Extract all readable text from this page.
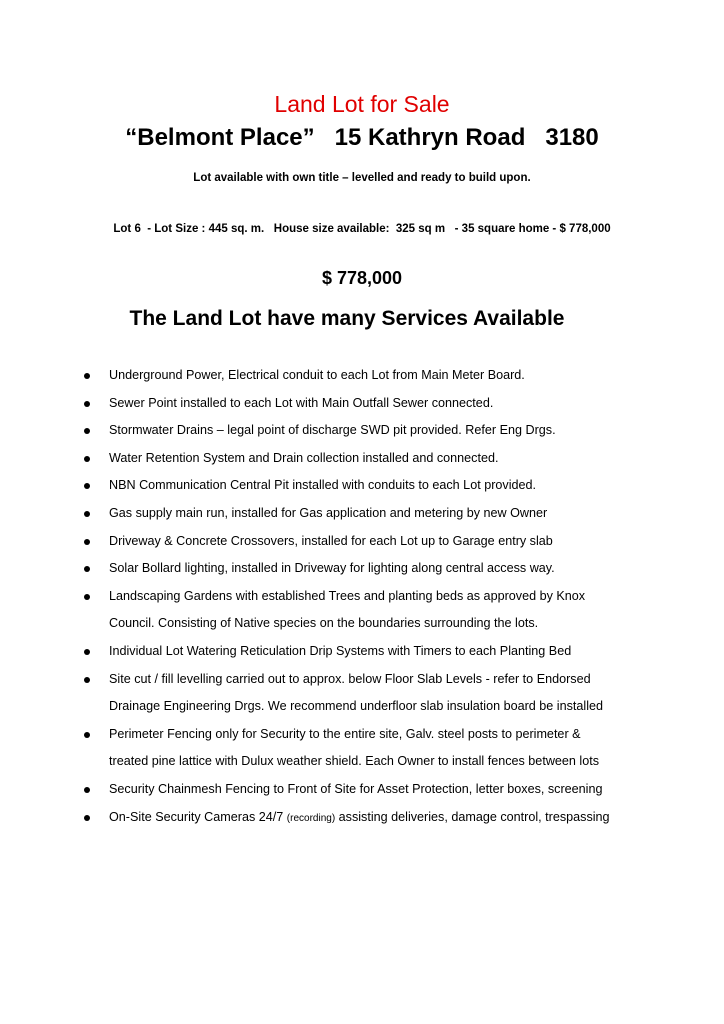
Land Lot for Sale
“Belmont Place”   15 Kathryn Road   3180
Lot available with own title – levelled and ready to build upon.
Lot 6  - Lot Size : 445 sq. m.   House size available:  325 sq m   - 35 square home - $ 778,000
$ 778,000
The Land Lot have many Services Available
Underground Power, Electrical conduit to each Lot from Main Meter Board.
Sewer Point installed to each Lot with Main Outfall Sewer connected.
Stormwater Drains – legal point of discharge SWD pit provided. Refer Eng Drgs.
Water Retention System and Drain collection installed and connected.
NBN Communication Central Pit installed with conduits to each Lot provided.
Gas supply main run, installed for Gas application and metering by new Owner
Driveway & Concrete Crossovers, installed for each Lot up to Garage entry slab
Solar Bollard lighting, installed in Driveway for lighting along central access way.
Landscaping Gardens with established Trees and planting beds as approved by Knox
Council. Consisting of Native species on the boundaries surrounding the lots.
Individual Lot Watering Reticulation Drip Systems with Timers to each Planting Bed
Site cut / fill levelling carried out to approx. below Floor Slab Levels - refer to Endorsed
Drainage Engineering Drgs. We recommend underfloor slab insulation board be installed
Perimeter Fencing only for Security to the entire site, Galv. steel posts to perimeter &
treated pine lattice with Dulux weather shield. Each Owner to install fences between lots
Security Chainmesh Fencing to Front of Site for Asset Protection, letter boxes, screening
On-Site Security Cameras 24/7 (recording) assisting deliveries, damage control, trespassing
